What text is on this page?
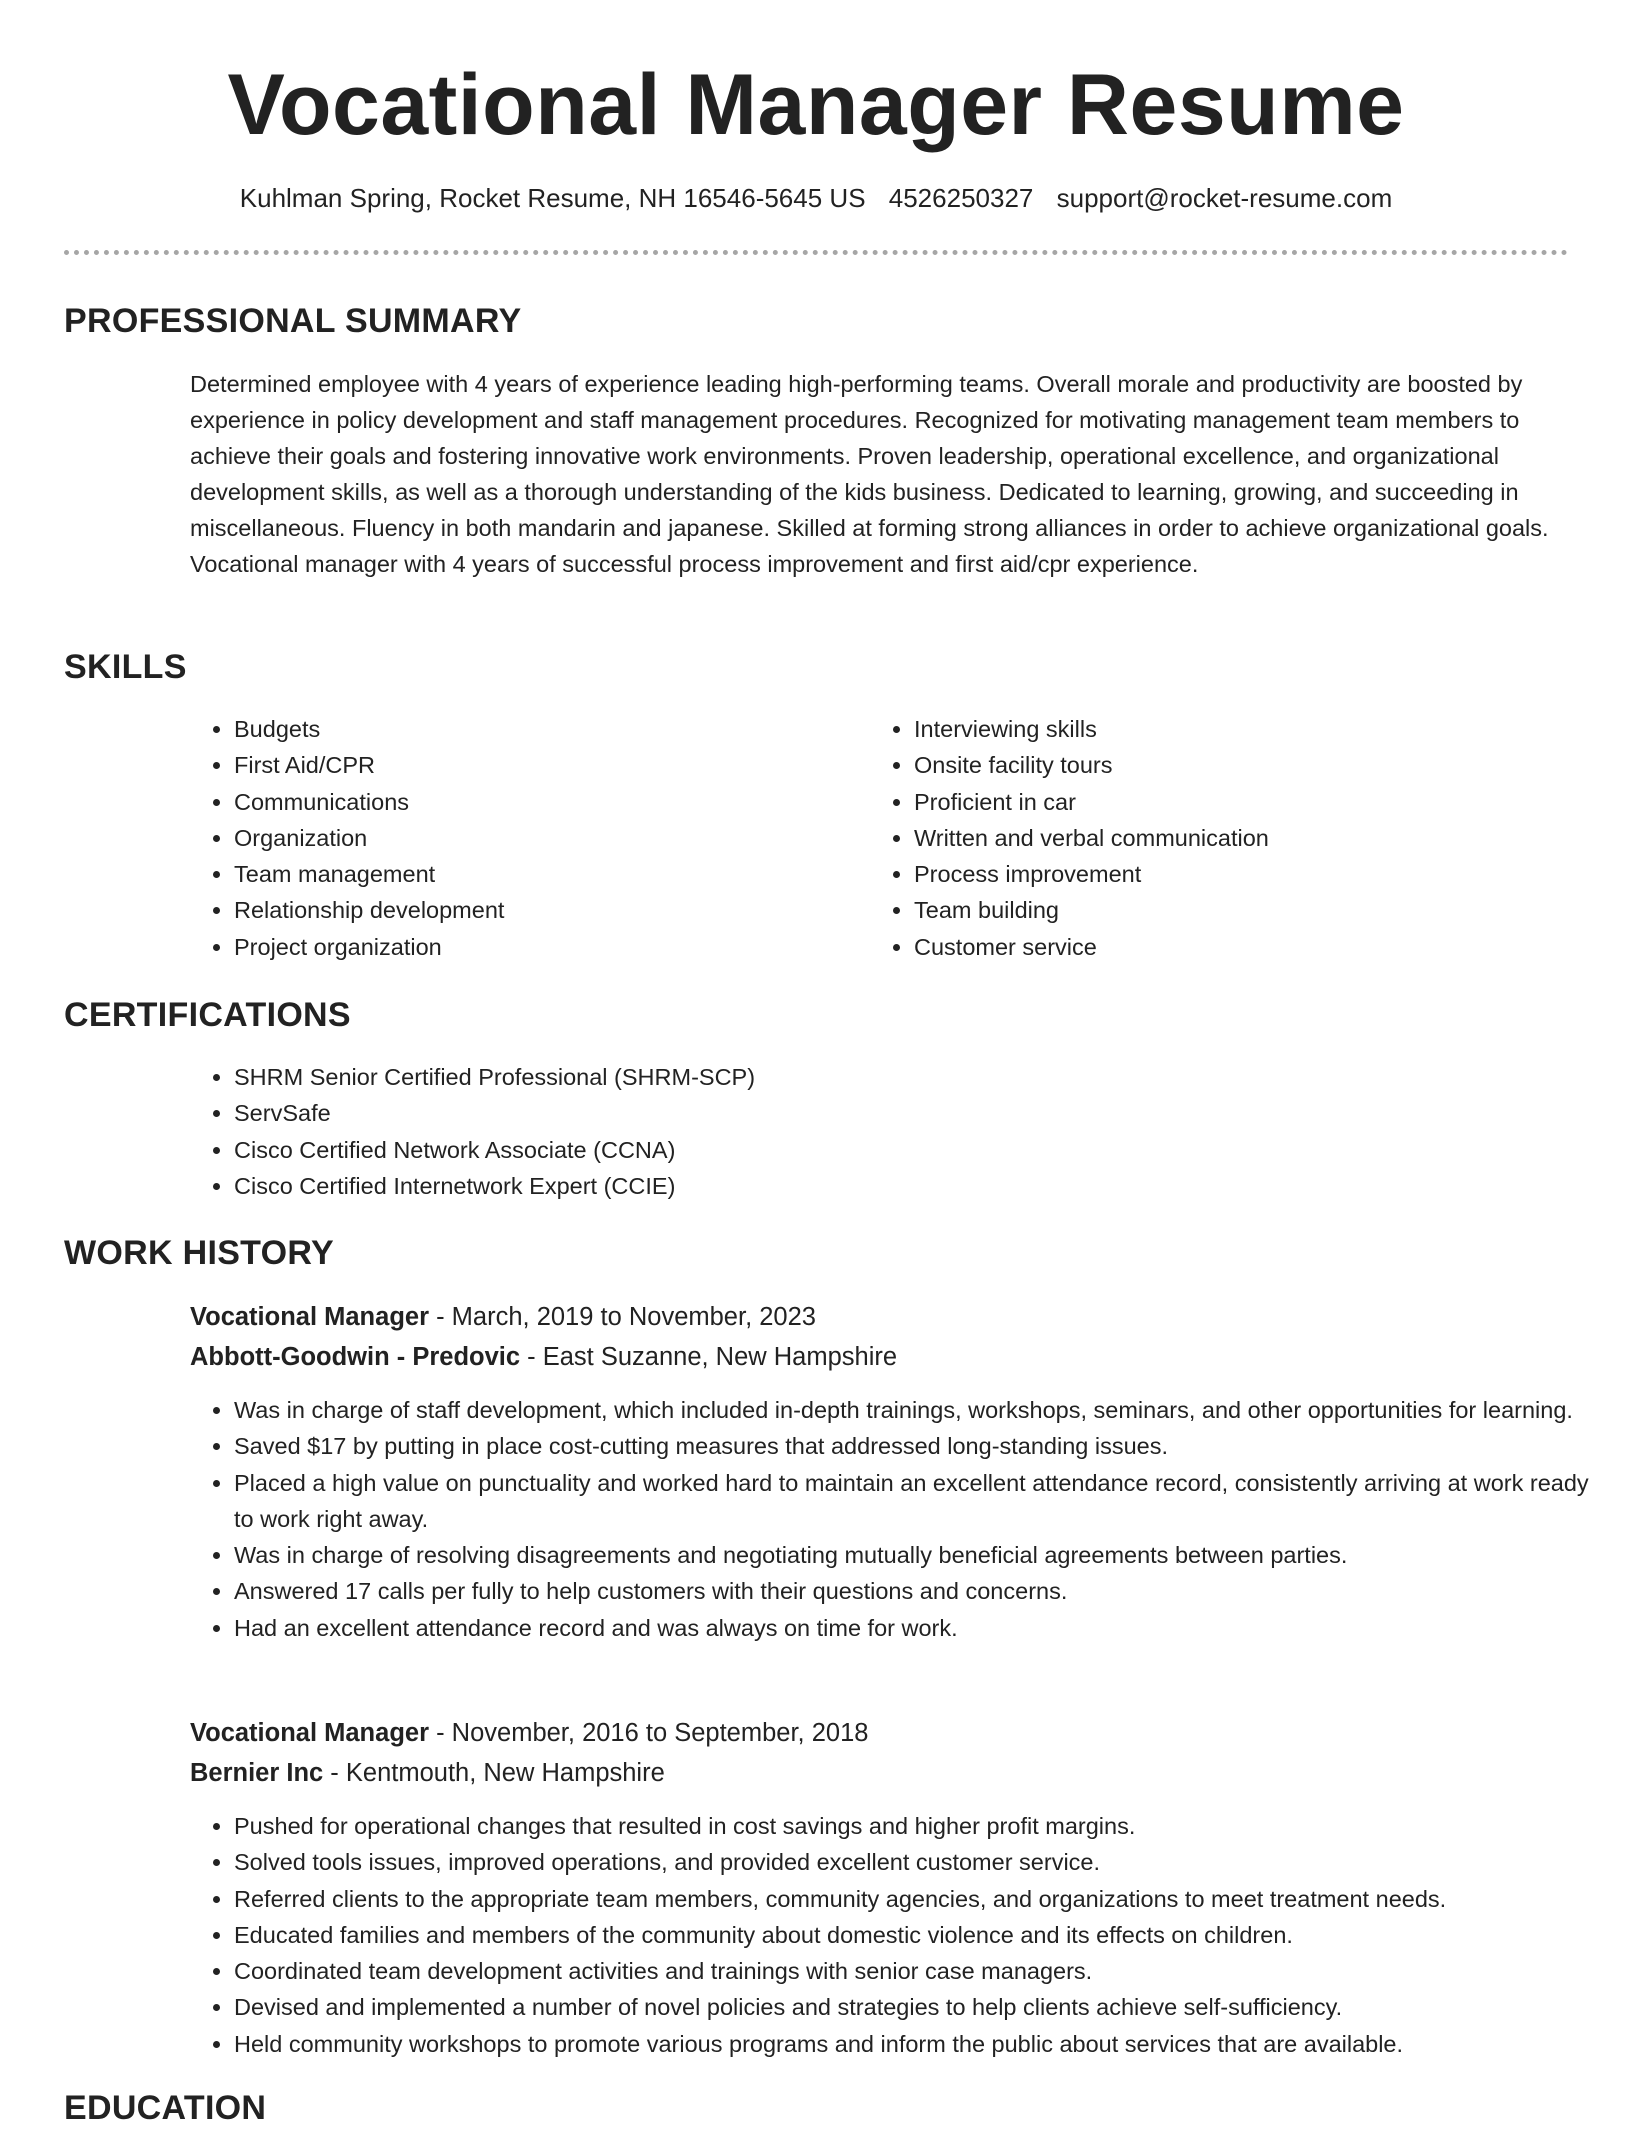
Vocational Manager Resume
Kuhlman Spring, Rocket Resume, NH 16546-5645 US 4526250327 support@rocket-resume.com
PROFESSIONAL SUMMARY
Determined employee with 4 years of experience leading high-performing teams. Overall morale and productivity are boosted by experience in policy development and staff management procedures. Recognized for motivating management team members to achieve their goals and fostering innovative work environments. Proven leadership, operational excellence, and organizational development skills, as well as a thorough understanding of the kids business. Dedicated to learning, growing, and succeeding in miscellaneous. Fluency in both mandarin and japanese. Skilled at forming strong alliances in order to achieve organizational goals. Vocational manager with 4 years of successful process improvement and first aid/cpr experience.
SKILLS
• Budgets
• First Aid/CPR
• Communications
• Organization
• Team management
• Relationship development
• Project organization
• Interviewing skills
• Onsite facility tours
• Proficient in car
• Written and verbal communication
• Process improvement
• Team building
• Customer service
CERTIFICATIONS
• SHRM Senior Certified Professional (SHRM-SCP)
• ServSafe
• Cisco Certified Network Associate (CCNA)
• Cisco Certified Internetwork Expert (CCIE)
WORK HISTORY
Vocational Manager - March, 2019 to November, 2023
Abbott-Goodwin - Predovic - East Suzanne, New Hampshire
• Was in charge of staff development, which included in-depth trainings, workshops, seminars, and other opportunities for learning.
• Saved $17 by putting in place cost-cutting measures that addressed long-standing issues.
• Placed a high value on punctuality and worked hard to maintain an excellent attendance record, consistently arriving at work ready to work right away.
• Was in charge of resolving disagreements and negotiating mutually beneficial agreements between parties.
• Answered 17 calls per fully to help customers with their questions and concerns.
• Had an excellent attendance record and was always on time for work.
Vocational Manager - November, 2016 to September, 2018
Bernier Inc - Kentmouth, New Hampshire
• Pushed for operational changes that resulted in cost savings and higher profit margins.
• Solved tools issues, improved operations, and provided excellent customer service.
• Referred clients to the appropriate team members, community agencies, and organizations to meet treatment needs.
• Educated families and members of the community about domestic violence and its effects on children.
• Coordinated team development activities and trainings with senior case managers.
• Devised and implemented a number of novel policies and strategies to help clients achieve self-sufficiency.
• Held community workshops to promote various programs and inform the public about services that are available.
EDUCATION
